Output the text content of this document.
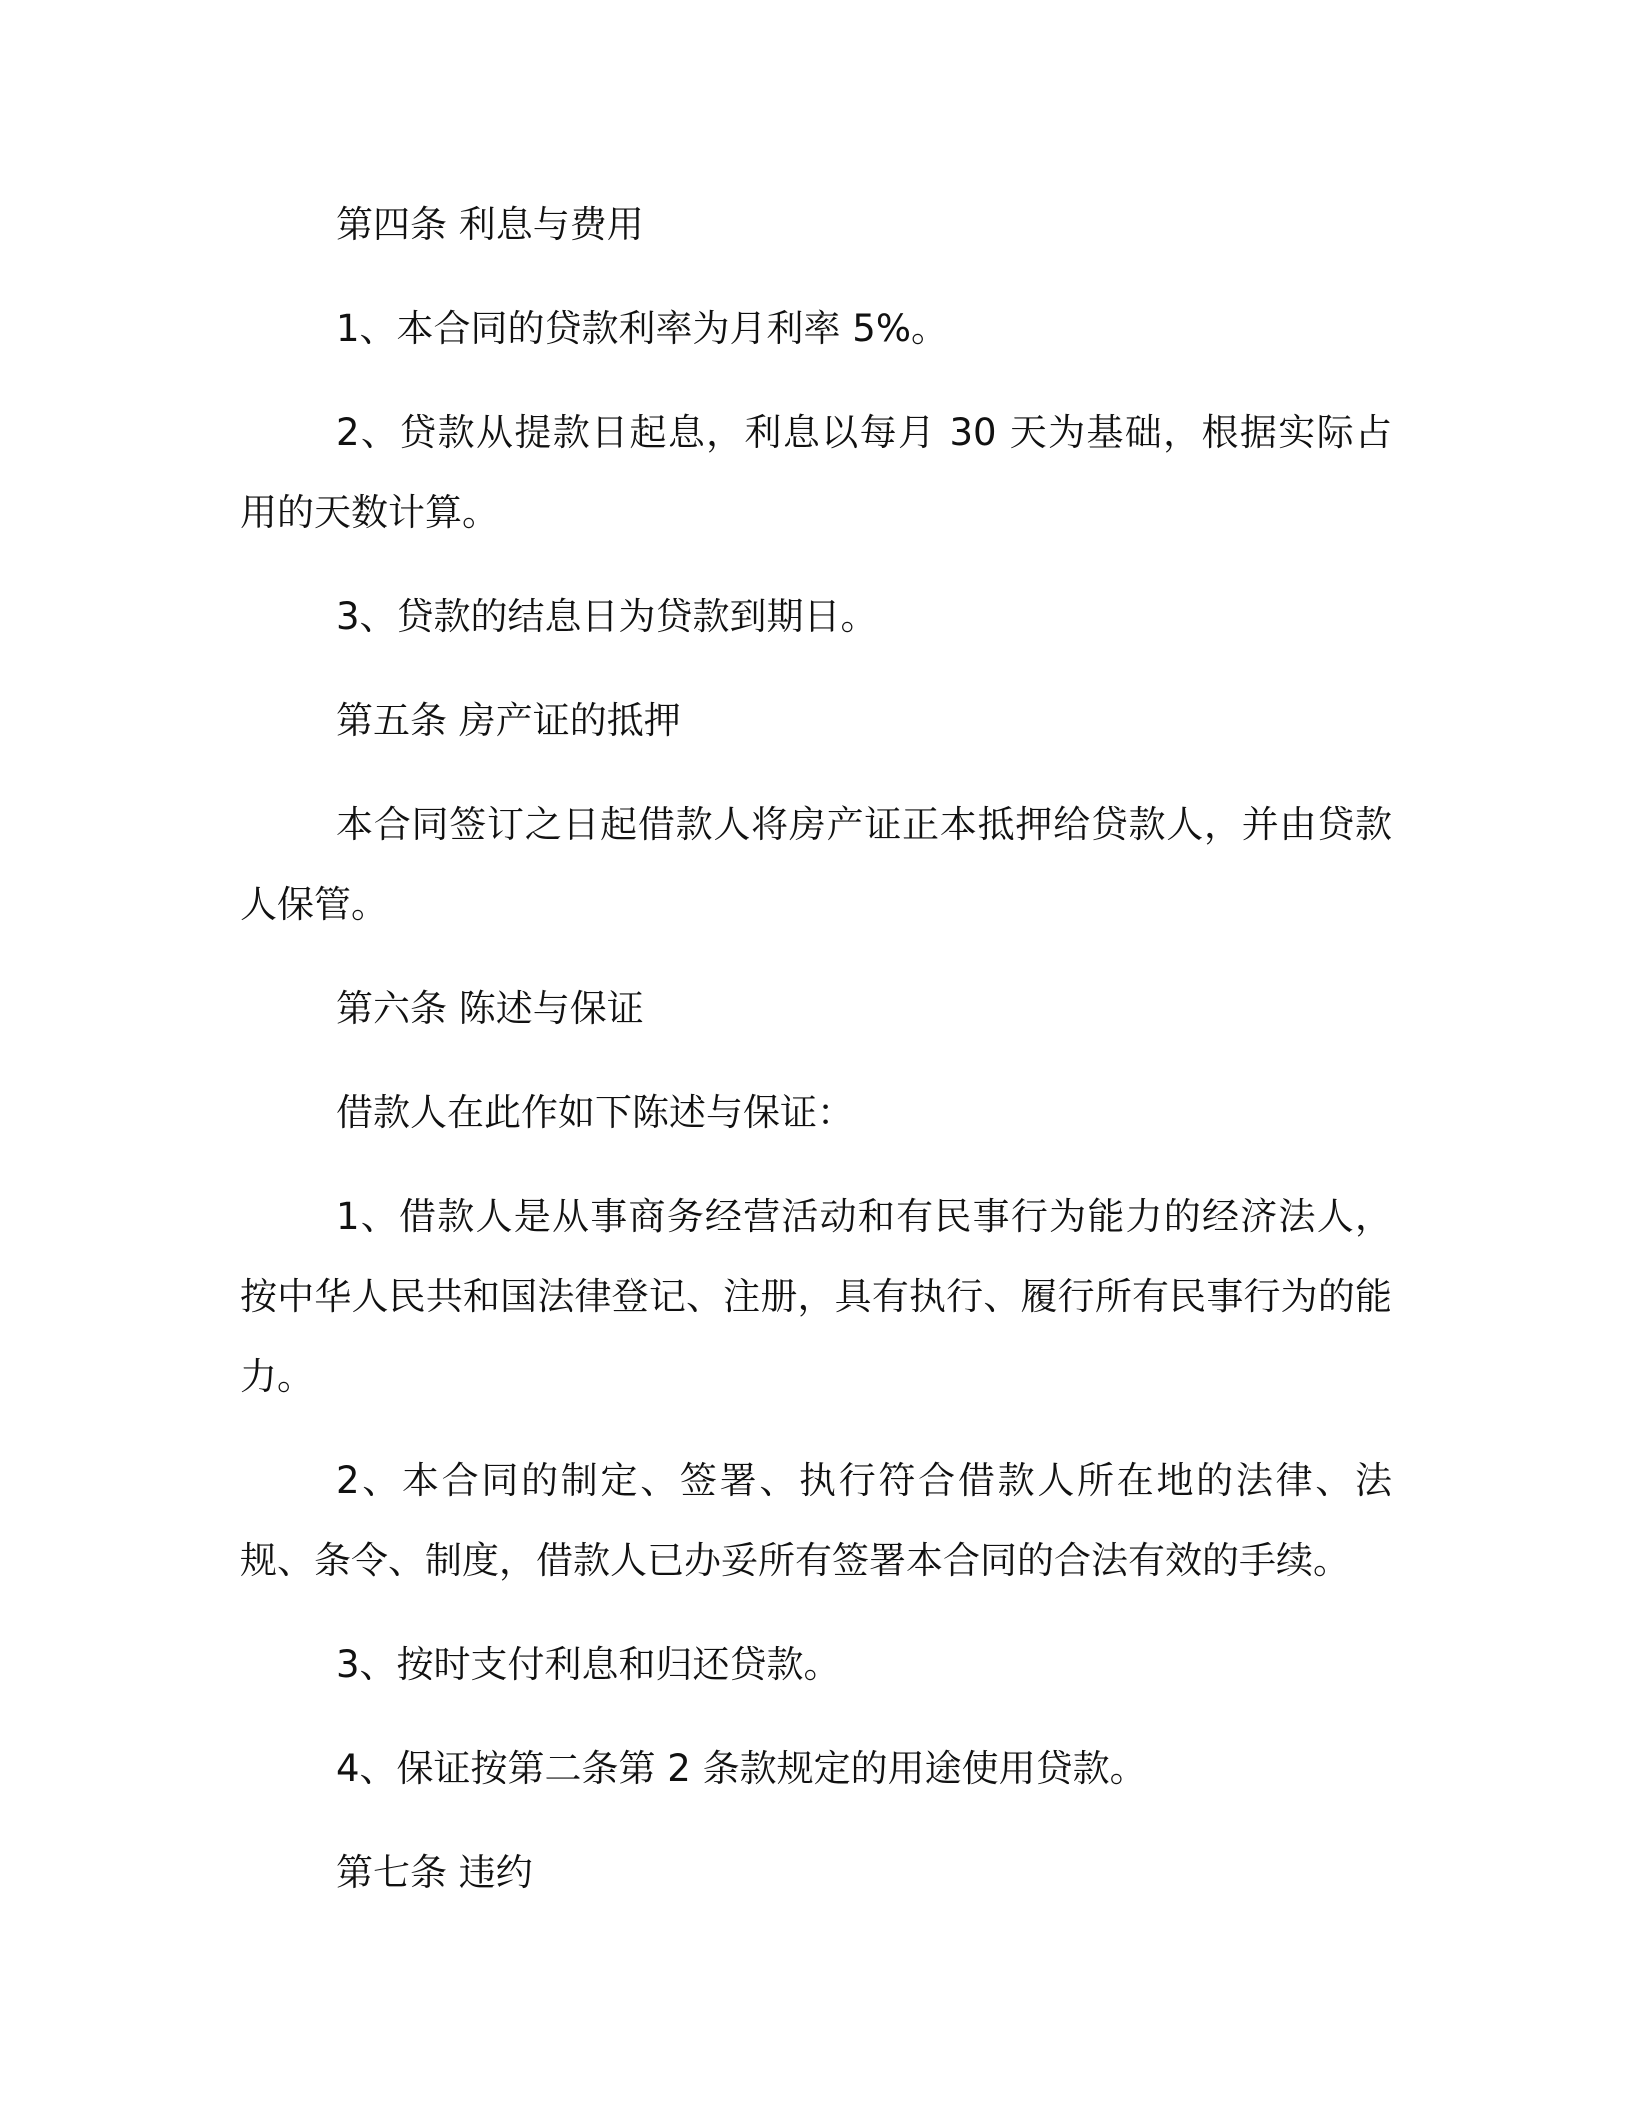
第四条 利息与费用

1、本合同的贷款利率为月利率 5%。

2、贷款从提款日起息，利息以每月 30 天为基础，根据实际占用的天数计算。

3、贷款的结息日为贷款到期日。

第五条 房产证的抵押

本合同签订之日起借款人将房产证正本抵押给贷款人，并由贷款人保管。

第六条 陈述与保证

借款人在此作如下陈述与保证：

1、借款人是从事商务经营活动和有民事行为能力的经济法人，按中华人民共和国法律登记、注册，具有执行、履行所有民事行为的能力。

2、本合同的制定、签署、执行符合借款人所在地的法律、法规、条令、制度，借款人已办妥所有签署本合同的合法有效的手续。

3、按时支付利息和归还贷款。

4、保证按第二条第 2 条款规定的用途使用贷款。

第七条 违约
